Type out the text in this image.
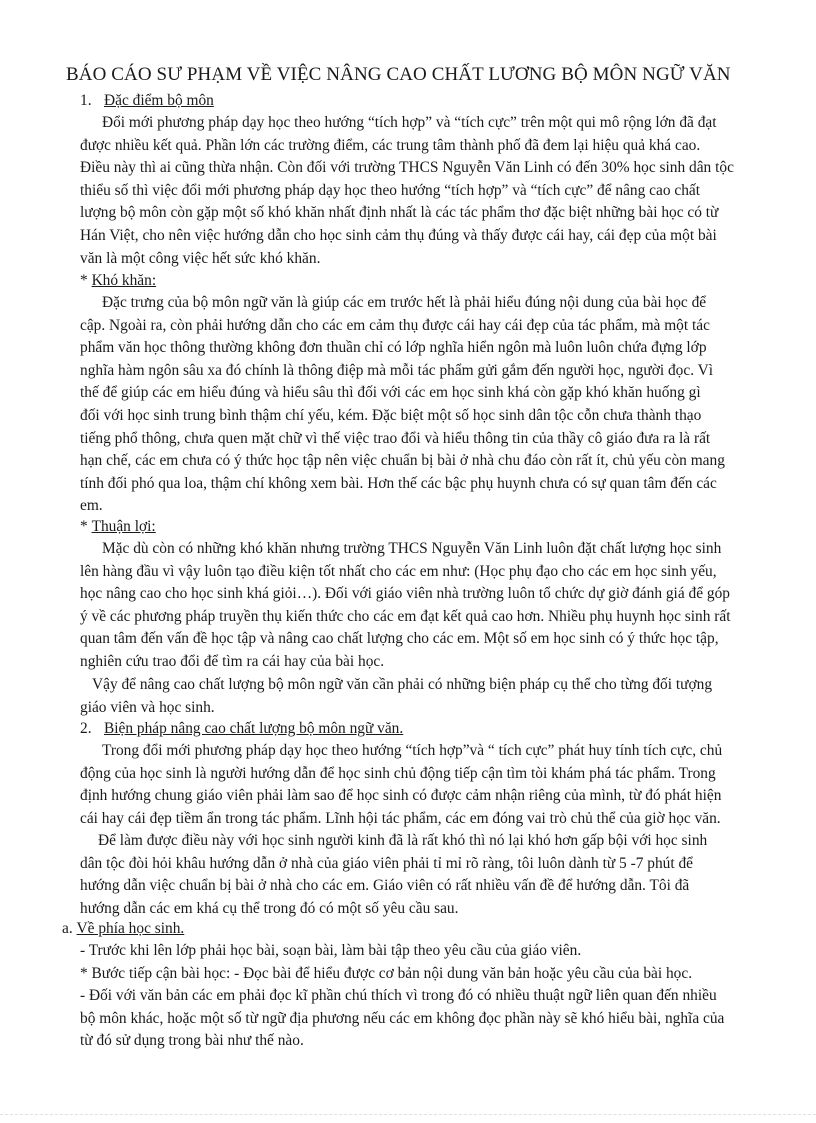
BÁO CÁO SƯ PHẠM VỀ VIỆC NÂNG CAO CHẤT LƯƠNG BỘ MÔN NGỮ VĂN
1. Đặc điểm bộ môn
Đổi mới phương pháp dạy học theo hướng “tích hợp” và “tích cực” trên một qui mô rộng lớn đã đạt
được nhiều kết quả. Phần lớn các trường điểm, các trung tâm thành phố đã đem lại hiệu quả khá cao.
Điều này thì ai cũng thừa nhận. Còn đối với trường THCS Nguyễn Văn Linh có đến 30% học sinh dân tộc
thiểu số thì việc đổi mới phương pháp dạy học theo hướng “tích hợp” và “tích cực” để nâng cao chất
lượng bộ môn còn gặp một số khó khăn nhất định nhất là các tác phẩm thơ đặc biệt những bài học có từ
Hán Việt, cho nên việc hướng dẫn cho học sinh cảm thụ đúng và thấy được cái hay, cái đẹp của một bài
văn là một công việc hết sức khó khăn.
* Khó khăn:
Đặc trưng của bộ môn ngữ văn là giúp các em trước hết là phải hiểu đúng nội dung của bài học để
cập. Ngoài ra, còn phải hướng dẫn cho các em cảm thụ được cái hay cái đẹp của tác phẩm, mà một tác
phẩm văn học thông thường không đơn thuần chỉ có lớp nghĩa hiển ngôn mà luôn luôn chứa đựng lớp
nghĩa hàm ngôn sâu xa đó chính là thông điệp mà mỗi tác phẩm gửi gắm đến người học, người đọc. Vì
thế để giúp các em hiểu đúng và hiểu sâu thì đối với các em học sinh khá còn gặp khó khăn huống gì
đối với học sinh trung bình thậm chí yếu, kém. Đặc biệt một số học sinh dân tộc cỗn chưa thành thạo
tiếng phổ thông, chưa quen mặt chữ vì thế việc trao đổi và hiểu thông tin của thầy cô giáo đưa ra là rất
hạn chế, các em chưa có ý thức học tập nên việc chuẩn bị bài ở nhà chu đáo còn rất ít, chủ yếu còn mang
tính đối phó qua loa, thậm chí không xem bài. Hơn thế các bậc phụ huynh chưa có sự quan tâm đến các
em.
* Thuận lợi:
Mặc dù còn có những khó khăn nhưng trường THCS Nguyễn Văn Linh luôn đặt chất lượng học sinh
lên hàng đầu vì vậy luôn tạo điều kiện tốt nhất cho các em như: (Học phụ đạo cho các em học sinh yếu,
học nâng cao cho học sinh khá giỏi…). Đối với giáo viên nhà trường luôn tổ chức dự giờ đánh giá để góp
ý về các phương pháp truyền thụ kiến thức cho các em đạt kết quả cao hơn. Nhiều phụ huynh học sinh rất
quan tâm đến vấn đề học tập và nâng cao chất lượng cho các em. Một số em học sinh có ý thức học tập,
nghiên cứu trao đổi để tìm ra cái hay của bài học.
Vậy để nâng cao chất lượng bộ môn ngữ văn cần phải có những biện pháp cụ thể cho từng đối tượng
giáo viên và học sinh.
2. Biện pháp nâng cao chất lượng bộ môn ngữ văn.
Trong đổi mới phương pháp dạy học theo hướng “tích hợp”và “ tích cực” phát huy tính tích cực, chủ
động của học sinh là người hướng dẫn để học sinh chủ động tiếp cận tìm tòi khám phá tác phẩm. Trong
định hướng chung giáo viên phải làm sao để học sinh có được cảm nhận riêng của mình, từ đó phát hiện
cái hay cái đẹp tiềm ẩn trong tác phẩm. Lĩnh hội tác phẩm, các em đóng vai trò chủ thể của giờ học văn.
Để làm được điều này với học sinh người kinh đã là rất khó thì nó lại khó hơn gấp bội với học sinh
dân tộc đòi hỏi khâu hướng dẫn ở nhà của giáo viên phải tỉ mỉ rõ ràng, tôi luôn dành từ 5 -7 phút để
hướng dẫn việc chuẩn bị bài ở nhà cho các em. Giáo viên có rất nhiều vấn đề để hướng dẫn. Tôi đã
hướng dẫn các em khá cụ thể trong đó có một số yêu cầu sau.
a. Về phía học sinh.
- Trước khi lên lớp phải học bài, soạn bài, làm bài tập theo yêu cầu của giáo viên.
* Bước tiếp cận bài học: - Đọc bài để hiểu được cơ bản nội dung văn bản hoặc yêu cầu của bài học.
- Đối với văn bản các em phải đọc kĩ phần chú thích vì trong đó có nhiều thuật ngữ liên quan đến nhiều
bộ môn khác, hoặc một số từ ngữ địa phương nếu các em không đọc phần này sẽ khó hiểu bài, nghĩa của
từ đó sử dụng trong bài như thế nào.
